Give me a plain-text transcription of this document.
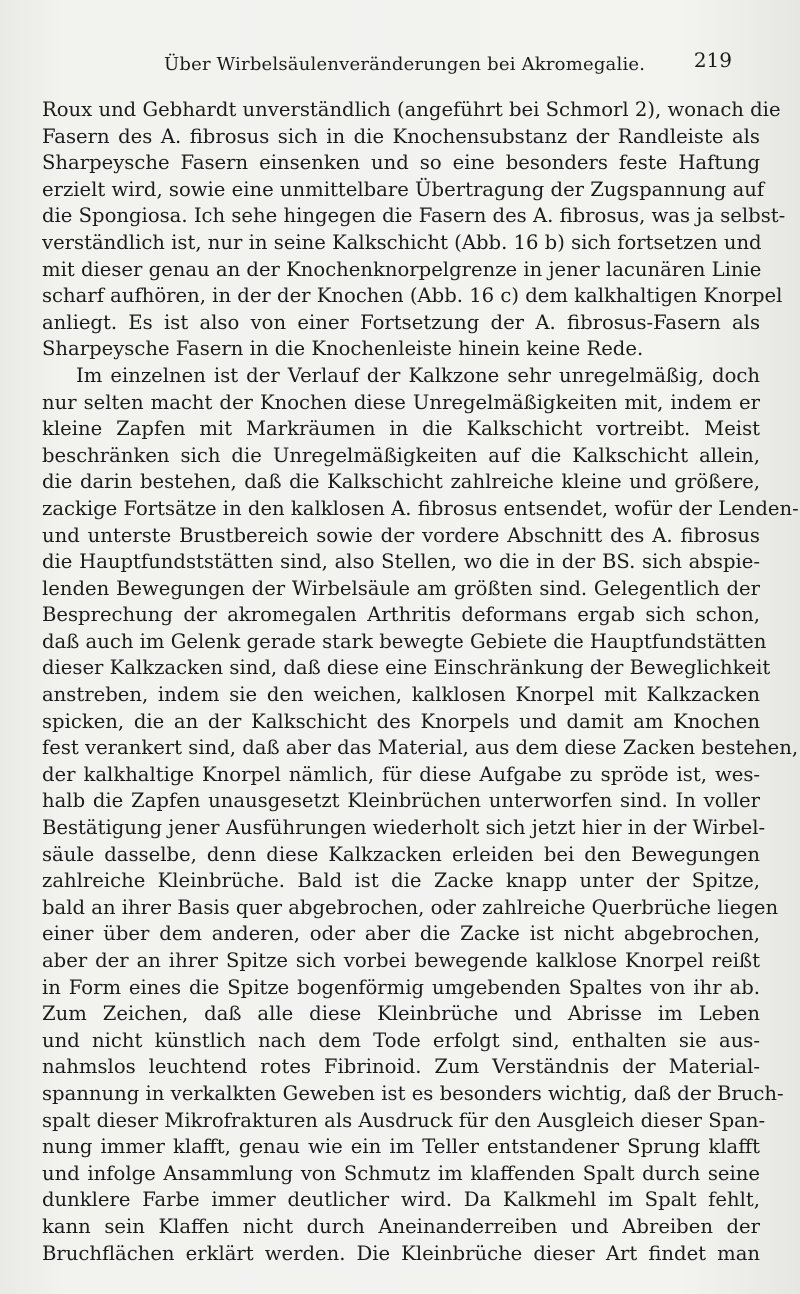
Über Wirbelsäulenveränderungen bei Akromegalie. 219
Roux und Gebhardt unverständlich (angeführt bei Schmorl 2), wonach die
Fasern des A. fibrosus sich in die Knochensubstanz der Randleiste als
Sharpeysche Fasern einsenken und so eine besonders feste Haftung
erzielt wird, sowie eine unmittelbare Übertragung der Zugspannung auf
die Spongiosa. Ich sehe hingegen die Fasern des A. fibrosus, was ja selbst-
verständlich ist, nur in seine Kalkschicht (Abb. 16 b) sich fortsetzen und
mit dieser genau an der Knochenknorpelgrenze in jener lacunären Linie
scharf aufhören, in der der Knochen (Abb. 16 c) dem kalkhaltigen Knorpel
anliegt. Es ist also von einer Fortsetzung der A. fibrosus-Fasern als
Sharpeysche Fasern in die Knochenleiste hinein keine Rede.
Im einzelnen ist der Verlauf der Kalkzone sehr unregelmäßig, doch
nur selten macht der Knochen diese Unregelmäßigkeiten mit, indem er
kleine Zapfen mit Markräumen in die Kalkschicht vortreibt. Meist
beschränken sich die Unregelmäßigkeiten auf die Kalkschicht allein,
die darin bestehen, daß die Kalkschicht zahlreiche kleine und größere,
zackige Fortsätze in den kalklosen A. fibrosus entsendet, wofür der Lenden-
und unterste Brustbereich sowie der vordere Abschnitt des A. fibrosus
die Hauptfundststätten sind, also Stellen, wo die in der BS. sich abspie-
lenden Bewegungen der Wirbelsäule am größten sind. Gelegentlich der
Besprechung der akromegalen Arthritis deformans ergab sich schon,
daß auch im Gelenk gerade stark bewegte Gebiete die Hauptfundstätten
dieser Kalkzacken sind, daß diese eine Einschränkung der Beweglichkeit
anstreben, indem sie den weichen, kalklosen Knorpel mit Kalkzacken
spicken, die an der Kalkschicht des Knorpels und damit am Knochen
fest verankert sind, daß aber das Material, aus dem diese Zacken bestehen,
der kalkhaltige Knorpel nämlich, für diese Aufgabe zu spröde ist, wes-
halb die Zapfen unausgesetzt Kleinbrüchen unterworfen sind. In voller
Bestätigung jener Ausführungen wiederholt sich jetzt hier in der Wirbel-
säule dasselbe, denn diese Kalkzacken erleiden bei den Bewegungen
zahlreiche Kleinbrüche. Bald ist die Zacke knapp unter der Spitze,
bald an ihrer Basis quer abgebrochen, oder zahlreiche Querbrüche liegen
einer über dem anderen, oder aber die Zacke ist nicht abgebrochen,
aber der an ihrer Spitze sich vorbei bewegende kalklose Knorpel reißt
in Form eines die Spitze bogenförmig umgebenden Spaltes von ihr ab.
Zum Zeichen, daß alle diese Kleinbrüche und Abrisse im Leben
und nicht künstlich nach dem Tode erfolgt sind, enthalten sie aus-
nahmslos leuchtend rotes Fibrinoid. Zum Verständnis der Material-
spannung in verkalkten Geweben ist es besonders wichtig, daß der Bruch-
spalt dieser Mikrofrakturen als Ausdruck für den Ausgleich dieser Span-
nung immer klafft, genau wie ein im Teller entstandener Sprung klafft
und infolge Ansammlung von Schmutz im klaffenden Spalt durch seine
dunklere Farbe immer deutlicher wird. Da Kalkmehl im Spalt fehlt,
kann sein Klaffen nicht durch Aneinanderreiben und Abreiben der
Bruchflächen erklärt werden. Die Kleinbrüche dieser Art findet man
